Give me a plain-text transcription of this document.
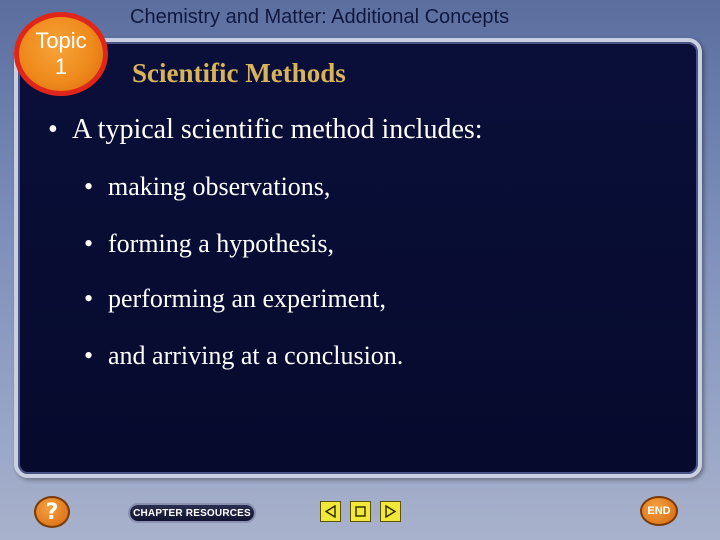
Chemistry and Matter: Additional Concepts
Topic
1 Scientific Methods
• A typical scientific method includes:
• making observations,
• forming a hypothesis,
• performing an experiment,
• and arriving at a conclusion.
?	CHAPTER RESOURCES	END
